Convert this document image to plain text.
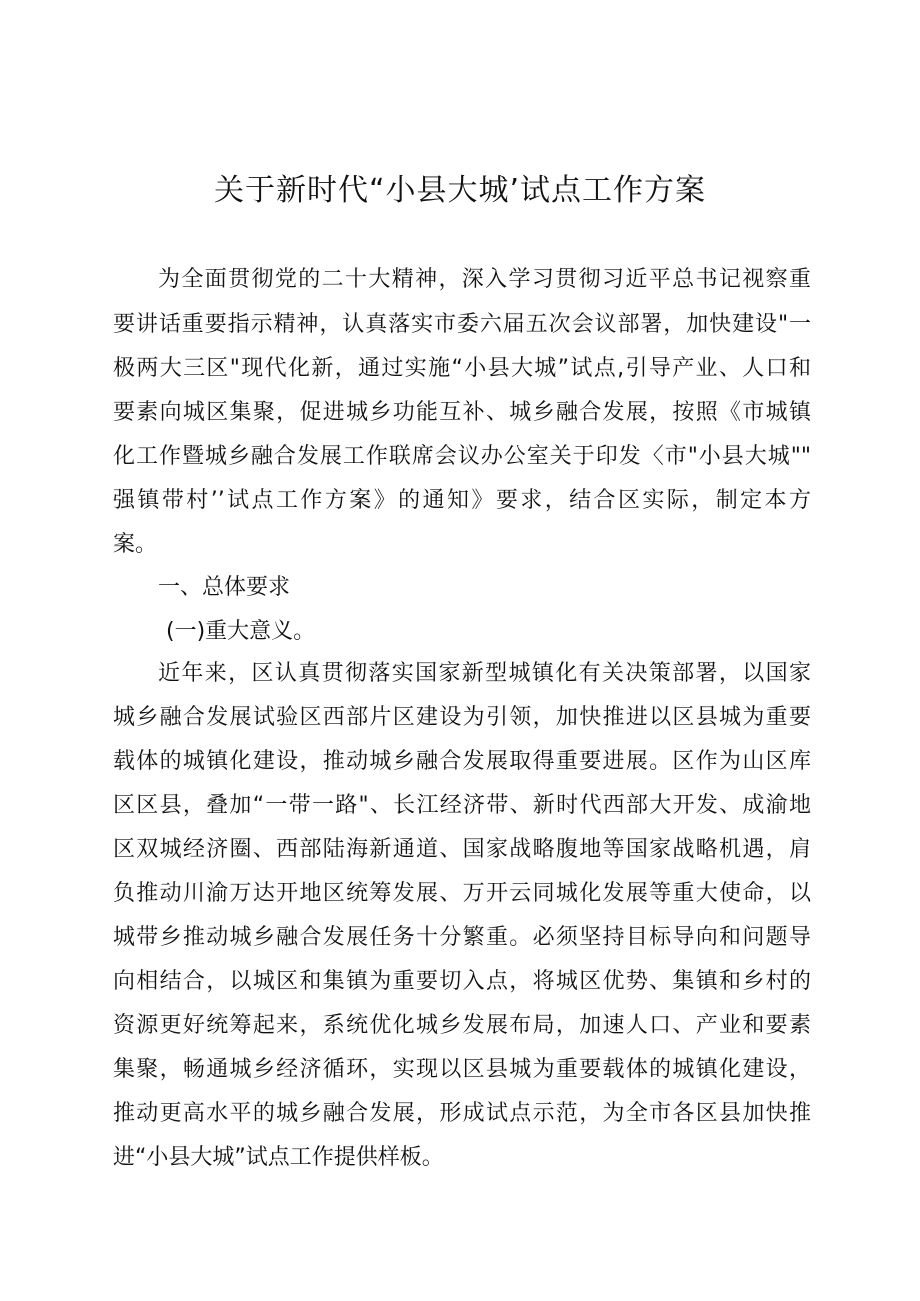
关于新时代“小县大城’试点工作方案
为全面贯彻党的二十大精神，深入学习贯彻习近平总书记视察重
要讲话重要指示精神，认真落实市委六届五次会议部署，加快建设"一
极两大三区"现代化新，通过实施“小县大城”试点,引导产业、人口和
要素向城区集聚，促进城乡功能互补、城乡融合发展，按照《市城镇
化工作暨城乡融合发展工作联席会议办公室关于印发〈市"小县大城""
强镇带村’’试点工作方案》的通知》要求，结合区实际，制定本方
案。
一、总体要求
(一)重大意义。
近年来，区认真贯彻落实国家新型城镇化有关决策部署，以国家
城乡融合发展试验区西部片区建设为引领，加快推进以区县城为重要
载体的城镇化建设，推动城乡融合发展取得重要进展。区作为山区库
区区县，叠加“一带一路"、长江经济带、新时代西部大开发、成渝地
区双城经济圈、西部陆海新通道、国家战略腹地等国家战略机遇，肩
负推动川渝万达开地区统筹发展、万开云同城化发展等重大使命，以
城带乡推动城乡融合发展任务十分繁重。必须坚持目标导向和问题导
向相结合，以城区和集镇为重要切入点，将城区优势、集镇和乡村的
资源更好统筹起来，系统优化城乡发展布局，加速人口、产业和要素
集聚，畅通城乡经济循环，实现以区县城为重要载体的城镇化建设，
推动更高水平的城乡融合发展，形成试点示范，为全市各区县加快推
进“小县大城”试点工作提供样板。
